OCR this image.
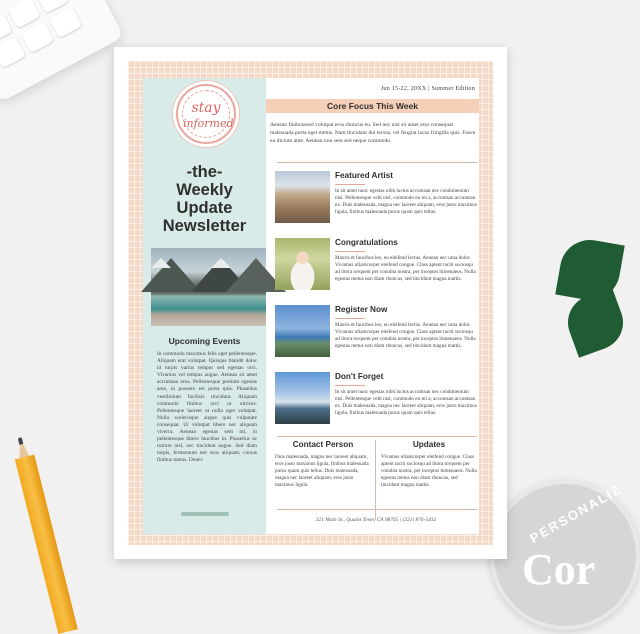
PERSONALIZ
Cor
stay
informed
-the-
Weekly
Update
Newsletter
Upcoming Events
In commodo maximus felis eget pellentesque. Aliquam erat volutpat. Quisque blandit dolor id turpis varius tempor sed egestas orci. Vivamus vel tempus augue. Aenean sit amet accumsan eros. Pellentesque pretium egestas ante, in posuere est porta quis. Phasellus vestibulum facilisis tincidunt. Aliquam commodo finibus orci ut ultrices. Pellentesque laoreet ut nulla eget volutpat. Nulla scelerisque augue quis vulputate consequat. Ut volutpat libero nec aliquam viverra. Aenean egestas sem mi, in pellentesque libero faucibus in. Phasellus ac rutrum nisl, nec tincidunt augue. Sed diam turpis, fermentum nec eros aliquam, cursus finibus metus. Donec
Jun 15-22, 20XX | Summer Edition
Core Focus This Week
Aenean finibusssed volutpat eros rhoncus eu. Sed nec nisl sit amet eros consequat malesuada porta eget metus. Nam tincidunt dui lectus, vel feugiat lacus fringilla quis. Fusce eu dictum ante. Aenean non sem sed neque commodo.
Featured Artist
In sit amet nunc egestas nibh luctus accumsan nec condimentum nisi. Pellentesque velit nisl, commodo eu mi a, accumsan accumsan ex. Duis malesuada, magna nec laoreet aliquam, eros justo maximus ligula, finibus malesuada purus quam quis tellus.
Congratulations
Mauris et faucibus leo, eu eleifend lectus. Aenean nec urna dolor. Vivamus ullamcorper eleifend congue. Class aptent taciti sociosqu ad litora torquent per conubia nostra, per inceptos himenaeos. Nulla egestas metus non diam rhoncus, sed tincidunt magna mattis.
Register Now
Mauris et faucibus leo, eu eleifend lectus. Aenean nec urna dolor. Vivamus ullamcorper eleifend congue. Class aptent taciti sociosqu ad litora torquent per conubia nostra, per inceptos himenaeos. Nulla egestas metus non diam rhoncus, sed tincidunt magna mattis.
Don't Forget
In sit amet nunc egestas nibh luctus accumsan nec condimentum nisi. Pellentesque velit nisl, commodo eu mi a, accumsan accumsan ex. Duis malesuada, magna nec laoreet aliquam, eros justo maximus ligula, finibus malesuada purus quam quis tellus.
Contact Person
Duis malesuada, magna nec laoreet aliquam, eros justo maximus ligula, finibus malesuada purus quam quis tellus. Duis malesuada, magna nec laoreet aliquam, eros justo maximus ligula.
Updates
Vivamus ullamcorper eleifend congue. Class aptent taciti sociosqu ad litora torquent per conubia nostra, per inceptos himenaeos. Nulla egestas metus non diam rhoncus, sed tincidunt magna mattis.
321 Main St., Quaint Town, CA 98765 | (321) 876-5432
